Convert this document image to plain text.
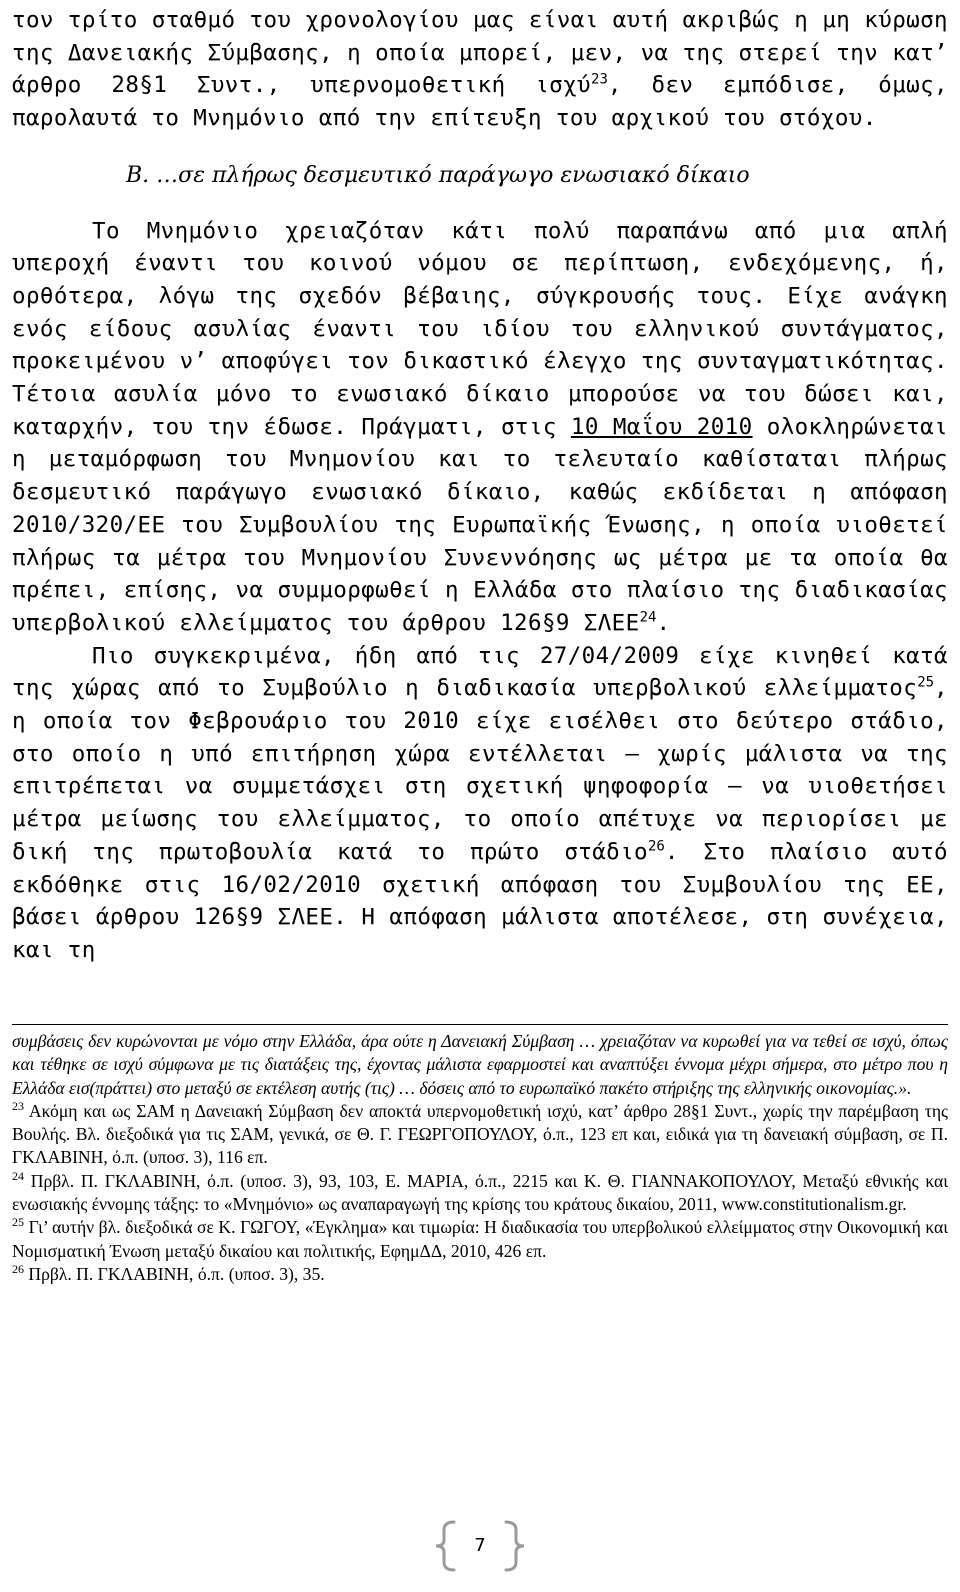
τον τρίτο σταθμό του χρονολογίου μας είναι αυτή ακριβώς η μη κύρωση της Δανειακής Σύμβασης, η οποία μπορεί, μεν, να της στερεί την κατ’ άρθρο 28§1 Συντ., υπερνομοθετική ισχύ$^{23}$, δεν εμπόδισε, όμως, παρολαυτά το Μνημόνιο από την επίτευξη του αρχικού του στόχου.

Β. …σε πλήρως δεσμευτικό παράγωγο ενωσιακό δίκαιο

Το Μνημόνιο χρειαζόταν κάτι πολύ παραπάνω από μια απλή υπεροχή έναντι του κοινού νόμου σε περίπτωση, ενδεχόμενης, ή, ορθότερα, λόγω της σχεδόν βέβαιης, σύγκρουσής τους. Είχε ανάγκη ενός είδους ασυλίας έναντι του ιδίου του ελληνικού συντάγματος, προκειμένου ν’ αποφύγει τον δικαστικό έλεγχο της συνταγματικότητας. Τέτοια ασυλία μόνο το ενωσιακό δίκαιο μπορούσε να του δώσει και, καταρχήν, του την έδωσε. Πράγματι, στις 10 Μαΐου 2010 ολοκληρώνεται η μεταμόρφωση του Μνημονίου και το τελευταίο καθίσταται πλήρως δεσμευτικό παράγωγο ενωσιακό δίκαιο, καθώς εκδίδεται η απόφαση 2010/320/ΕΕ του Συμβουλίου της Ευρωπαϊκής Ένωσης, η οποία υιοθετεί πλήρως τα μέτρα του Μνημονίου Συνεννόησης ως μέτρα με τα οποία θα πρέπει, επίσης, να συμμορφωθεί η Ελλάδα στο πλαίσιο της διαδικασίας υπερβολικού ελλείμματος του άρθρου 126§9 ΣΛΕΕ$^{24}$.

Πιο συγκεκριμένα, ήδη από τις 27/04/2009 είχε κινηθεί κατά της χώρας από το Συμβούλιο η διαδικασία υπερβολικού ελλείμματος$^{25}$, η οποία τον Φεβρουάριο του 2010 είχε εισέλθει στο δεύτερο στάδιο, στο οποίο η υπό επιτήρηση χώρα εντέλλεται – χωρίς μάλιστα να της επιτρέπεται να συμμετάσχει στη σχετική ψηφοφορία – να υιοθετήσει μέτρα μείωσης του ελλείμματος, το οποίο απέτυχε να περιορίσει με δική της πρωτοβουλία κατά το πρώτο στάδιο$^{26}$. Στο πλαίσιο αυτό εκδόθηκε στις 16/02/2010 σχετική απόφαση του Συμβουλίου της ΕΕ, βάσει άρθρου 126§9 ΣΛΕΕ. Η απόφαση μάλιστα αποτέλεσε, στη συνέχεια, και τη

συμβάσεις δεν κυρώνονται με νόμο στην Ελλάδα, άρα ούτε η Δανειακή Σύμβαση … χρειαζόταν να κυρωθεί για να τεθεί σε ισχύ, όπως και τέθηκε σε ισχύ σύμφωνα με τις διατάξεις της, έχοντας μάλιστα εφαρμοστεί και αναπτύξει έννομα μέχρι σήμερα, στο μέτρο που η Ελλάδα εισ(πράττει) στο μεταξύ σε εκτέλεση αυτής (τις) … δόσεις από το ευρωπαϊκό πακέτο στήριξης της ελληνικής οικονομίας.».

$^{23}$ Ακόμη και ως ΣΑΜ η Δανειακή Σύμβαση δεν αποκτά υπερνομοθετική ισχύ, κατ’ άρθρο 28§1 Συντ., χωρίς την παρέμβαση της Βουλής. Βλ. διεξοδικά για τις ΣΑΜ, γενικά, σε Θ. Γ. ΓΕΩΡΓΟΠΟΥΛΟΥ, ό.π., 123 επ και, ειδικά για τη δανειακή σύμβαση, σε Π. ΓΚΛΑΒΙΝΗ, ό.π. (υποσ. 3), 116 επ.

$^{24}$ Πρβλ. Π. ΓΚΛΑΒΙΝΗ, ό.π. (υποσ. 3), 93, 103, Ε. ΜΑΡΙΑ, ό.π., 2215 και Κ. Θ. ΓΙΑΝΝΑΚΟΠΟΥΛΟΥ, Μεταξύ εθνικής και ενωσιακής έννομης τάξης: το «Μνημόνιο» ως αναπαραγωγή της κρίσης του κράτους δικαίου, 2011, www.constitutionalism.gr.

$^{25}$ Γι’ αυτήν βλ. διεξοδικά σε Κ. ΓΩΓΟΥ, «Έγκλημα» και τιμωρία: Η διαδικασία του υπερβολικού ελλείμματος στην Οικονομική και Νομισματική Ένωση μεταξύ δικαίου και πολιτικής, ΕφημΔΔ, 2010, 426 επ.

$^{26}$ Πρβλ. Π. ΓΚΛΑΒΙΝΗ, ό.π. (υποσ. 3), 35.

7
